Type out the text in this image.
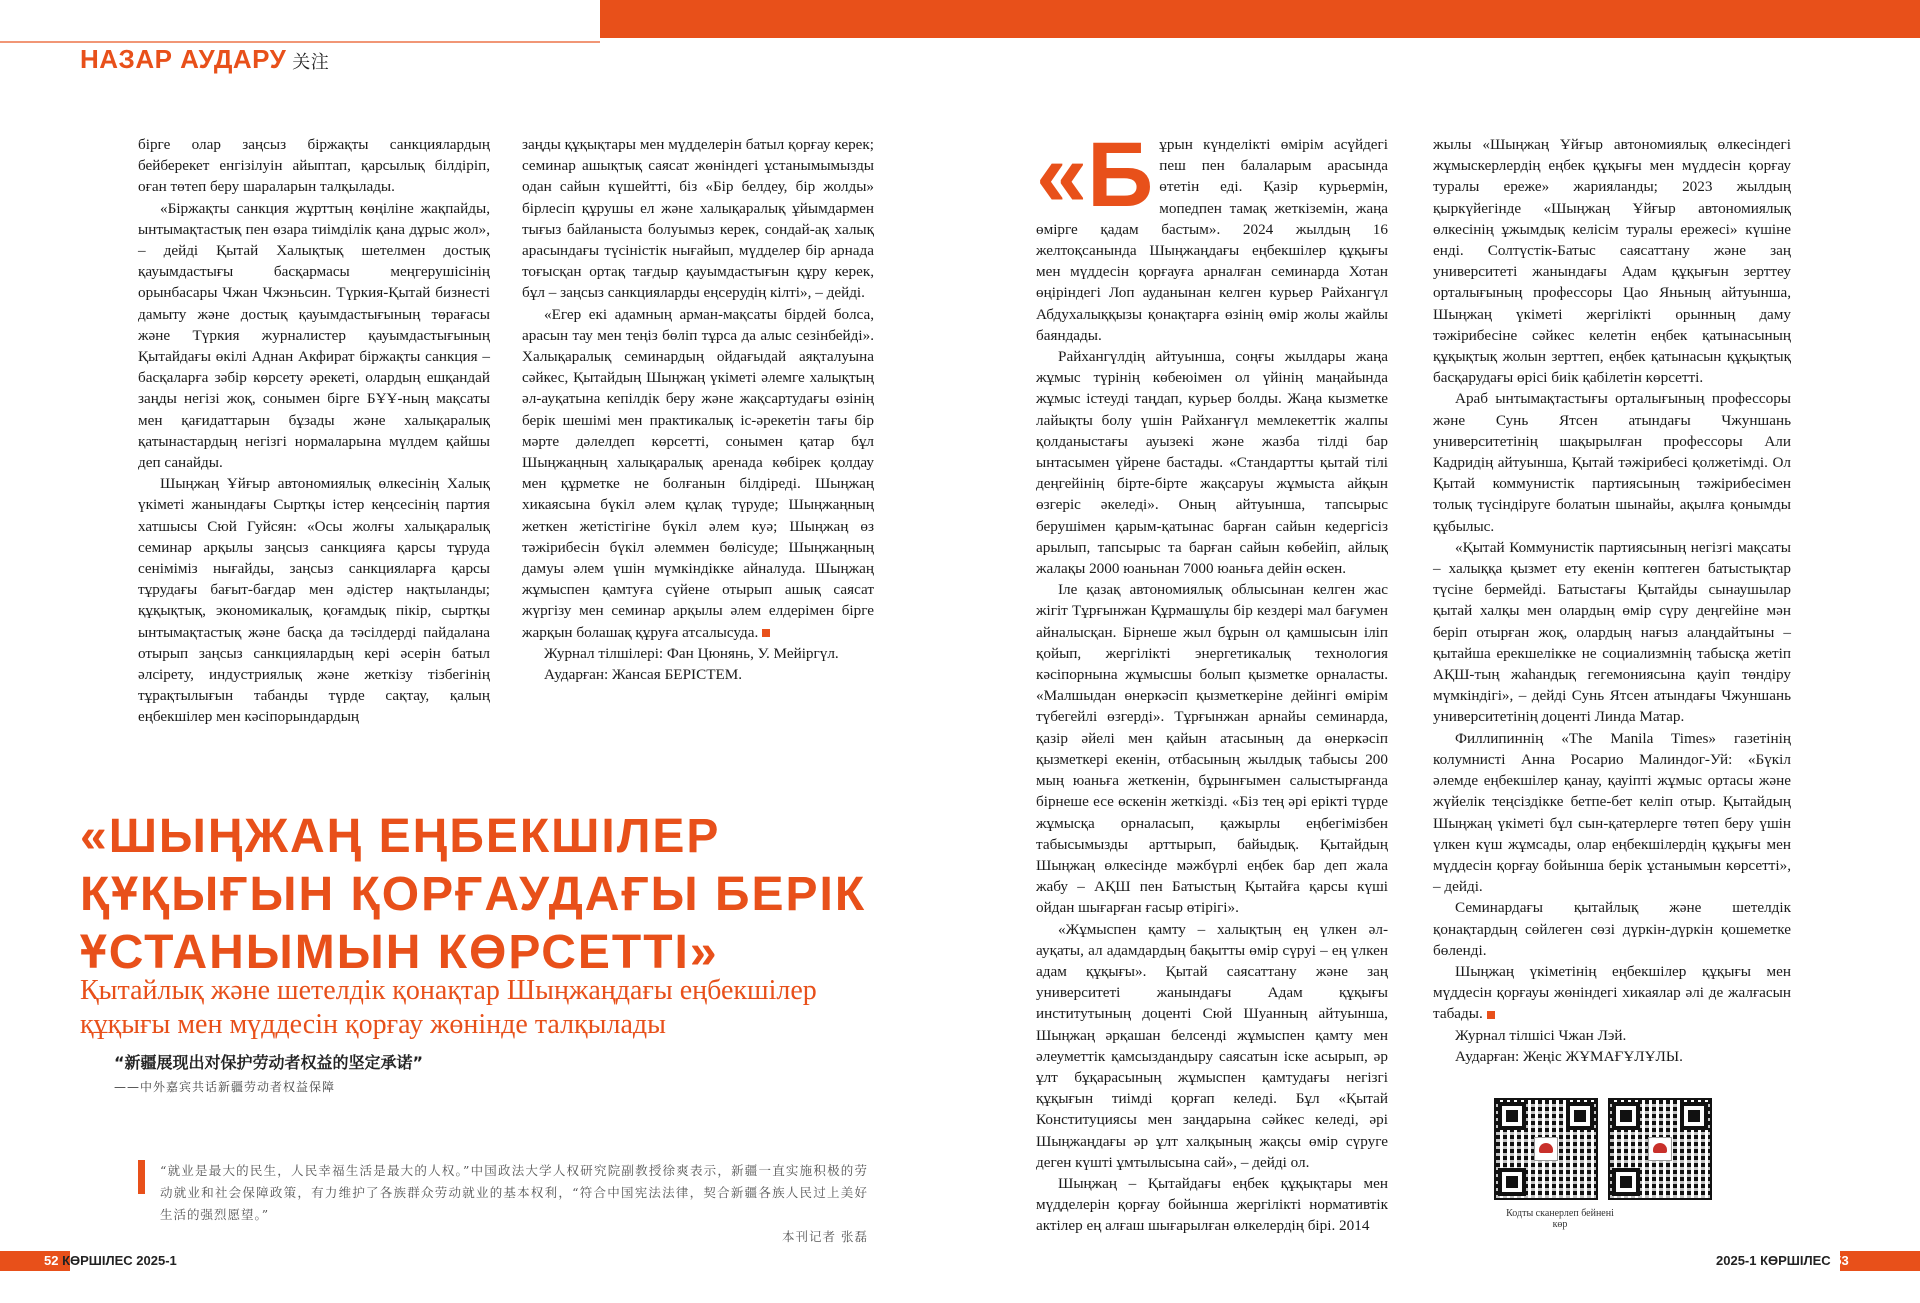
НАЗАР АУДАРУ 关注

бірге олар заңсыз біржақты санкциялардың бейберекет енгізілуін айыптап, қарсылық білдіріп, оған төтеп беру шараларын талқылады.

«Біржақты санкция жұрттың көңіліне жақпайды, ынтымақтастық пен өзара тиімділік қана дұрыс жол», – дейді Қытай Халықтық шетелмен достық қауымдастығы басқармасы меңгерушісінің орынбасары Чжан Чжэньсин. Түркия-Қытай бизнесті дамыту және достық қауымдастығының төрағасы және Түркия журналистер қауымдастығының Қытайдағы өкілі Аднан Акфират біржақты санкция – басқаларға зәбір көрсету әрекеті, олардың ешқандай заңды негізі жоқ, сонымен бірге БҰҰ-ның мақсаты мен қағидаттарын бұзады және халықаралық қатынастардың негізгі нормаларына мүлдем қайшы деп санайды.

Шыңжаң Ұйғыр автономиялық өлкесінің Халық үкіметі жанындағы Сыртқы істер кеңсесінің партия хатшысы Сюй Гуйсян: «Осы жолғы халықаралық семинар арқылы заңсыз санкцияға қарсы тұруда сеніміміз нығайды, заңсыз санкцияларға қарсы тұрудағы бағыт-бағдар мен әдістер нақтыланды; құқықтық, экономикалық, қоғамдық пікір, сыртқы ынтымақтастық және басқа да тәсілдерді пайдалана отырып заңсыз санкциялардың кері әсерін батыл әлсірету, индустриялық және жеткізу тізбегінің тұрақтылығын табанды түрде сақтау, қалың еңбекшілер мен кәсіпорындардың

заңды құқықтары мен мүдделерін батыл қорғау керек; семинар ашықтық саясат жөніндегі ұстанымымызды одан сайын күшейтті, біз «Бір белдеу, бір жолды» бірлесіп құрушы ел және халықаралық ұйымдармен тығыз байланыста болуымыз керек, сондай-ақ халық арасындағы түсіністік нығайып, мүдделер бір арнада тоғысқан ортақ тағдыр қауымдастығын құру керек, бұл – заңсыз санкцияларды еңсерудің кілті», – дейді.

«Егер екі адамның арман-мақсаты бірдей болса, арасын тау мен теңіз бөліп тұрса да алыс сезінбейді». Халықаралық семинардың ойдағыдай аяқталуына сәйкес, Қытайдың Шыңжаң үкіметі әлемге халықтың әл-ауқатына кепілдік беру және жақсартудағы өзінің берік шешімі мен практикалық іс-әрекетін тағы бір мәрте дәлелдеп көрсетті, сонымен қатар бұл Шыңжаңның халықаралық аренада көбірек қолдау мен құрметке не болғанын білдіреді. Шыңжаң хикаясына бүкіл әлем құлақ түруде; Шыңжаңның жеткен жетістігіне бүкіл әлем куә; Шыңжаң өз тәжірибесін бүкіл әлеммен бөлісуде; Шыңжаңның дамуы әлем үшін мүмкіндікке айналуда. Шыңжаң жұмыспен қамтуға сүйене отырып ашық саясат жүргізу мен семинар арқылы әлем елдерімен бірге жарқын болашақ құруға атсалысуда.

Журнал тілшілері: Фан Цюнянь, У. Мейіргүл.

Аударған: Жансая БЕРІСТЕМ.

«ШЫҢЖАҢ ЕҢБЕКШІЛЕР ҚҰҚЫҒЫН ҚОРҒАУДАҒЫ БЕРІК ҰСТАНЫМЫН КӨРСЕТТІ»
Қытайлық және шетелдік қонақтар Шыңжаңдағы еңбекшілер құқығы мен мүддесін қорғау жөнінде талқылады
“新疆展现出对保护劳动者权益的坚定承诺”
——中外嘉宾共话新疆劳动者权益保障
“就业是最大的民生，人民幸福生活是最大的人权。”中国政法大学人权研究院副教授徐爽表示，新疆一直实施积极的劳动就业和社会保障政策，有力维护了各族群众劳动就业的基本权利，“符合中国宪法法律，契合新疆各族人民过上美好生活的强烈愿望。”
本刊记者 张磊

«Бұрын күнделікті өмірім асүйдегі пеш пен балаларым арасында өтетін еді. Қазір курьермін, мопедпен тамақ жеткіземін, жаңа өмірге қадам бастым». 2024 жылдың 16 желтоқсанында Шыңжаңдағы еңбекшілер құқығы мен мүддесін қорғауға арналған семинарда Хотан өңіріндегі Лоп ауданынан келген курьер Райхангүл Абдухалыққызы қонақтарға өзінің өмір жолы жайлы баяндады.

Райхангүлдің айтуынша, соңғы жылдары жаңа жұмыс түрінің көбеюімен ол үйінің маңайында жұмыс істеуді таңдап, курьер болды. Жаңа кызметке лайықты болу үшін Райханғүл мемлекеттік жалпы қолданыстағы ауызекі және жазба тілді бар ынтасымен үйрене бастады. «Стандартты қытай тілі деңгейінің біртe-біртe жақсаруы жұмыста айқын өзгеріс әкеледі». Оның айтуынша, тапсырыс берушімен қарым-қатынас барған сайын кедергісіз арылып, тапсырыс та барған сайын көбейіп, айлық жалақы 2000 юаньнан 7000 юаньға дейін өскен.

Іле қазақ автономиялық облысынан келген жас жігіт Тұрғынжан Құрмашұлы бір кездері мал бағумен айналысқан. Бірнеше жыл бұрын ол қамшысын іліп қойып, жергілікті энергетикалық технология кәсіпорнына жұмысшы болып қызметке орналасты. «Малшыдан өнеркәсіп қызметкеріне дейінгі өмірім түбегейлі өзгерді». Тұрғынжан арнайы семинарда, қазір әйелі мен қайын атасының да өнеркәсіп қызметкері екенін, отбасының жылдық табысы 200 мың юаньға жеткенін, бұрынғымен салыстырғанда бірнеше есе өскенін жеткізді. «Біз тең әрі ерікті түрде жұмысқа орналасып, қажырлы еңбегімізбен табысымызды арттырып, байыдық. Қытайдың Шыңжаң өлкесінде мәжбүрлі еңбек бар деп жала жабу – АҚШ пен Батыстың Қытайға қарсы күші ойдан шығарған ғасыр өтірігі».

«Жұмыспен қамту – халықтың ең үлкен әл-ауқаты, ал адамдардың бақытты өмір сүруі – ең үлкен адам құқығы». Қытай саясаттану және заң университеті жанындағы Адам құқығы институтының доценті Сюй Шуанның айтуынша, Шыңжаң әрқашан белсенді жұмыспен қамту мен әлеуметтік қамсыздандыру саясатын іске асырып, әр ұлт бұқарасының жұмыспен қамтудағы негізгі құқығын тиімді қорғап келеді. Бұл «Қытай Конституциясы мен заңдарына сәйкес келеді, әрі Шыңжаңдағы әр ұлт халқының жақсы өмір сүруге деген күшті ұмтылысына сай», – дейді ол.

Шыңжаң – Қытайдағы еңбек құқықтары мен мүдделерін қорғау бойынша жергілікті нормативтік актілер ең алғаш шығарылған өлкелердің бірі. 2014

жылы «Шыңжаң Ұйғыр автономиялық өлкесіндегі жұмыскерлердің еңбек құқығы мен мүддесін қорғау туралы ереже» жарияланды; 2023 жылдың қыркүйегінде «Шыңжаң Ұйғыр автономиялық өлкесінің ұжымдық келісім туралы ережесі» күшіне енді. Солтүстік-Батыс саясаттану және заң университеті жанындағы Адам құқығын зерттеу орталығының профессоры Цао Яньның айтуынша, Шыңжаң үкіметі жергілікті орынның даму тәжірибесіне сәйкес келетін еңбек қатынасының құқықтық жолын зерттеп, еңбек қатынасын құқықтық басқарудағы өрісі биік қабілетін көрсетті.

Араб ынтымақтастығы орталығының профессоры және Сунь Ятсен атындағы Чжуншань университетінің шақырылған профессоры Али Кадридің айтуынша, Қытай тәжірибесі қолжетімді. Ол Қытай коммунистік партиясының тәжірибесімен толық түсіндіруге болатын шынайы, ақылға қонымды құбылыс.

«Қытай Коммунистік партиясының негізгі мақсаты – халыққа қызмет ету екенін көптеген батыстықтар түсіне бермейді. Батыстағы Қытайды сынаушылар қытай халқы мен олардың өмір сүру деңгейіне мән беріп отырған жоқ, олардың нағыз алаңдайтыны – қытайша ерекшелікке не социализмнің табысқа жетіп АҚШ-тың жаһандық гегемониясына қауіп төндіру мүмкіндігі», – дейді Сунь Ятсен атындағы Чжуншань университетінің доценті Линда Матар.

Филлипиннің «The Manila Times» газетінің колумнисті Анна Росарио Малиндог-Уй: «Бүкіл әлемде еңбекшілер қанау, қауіпті жұмыс ортасы және жүйелік теңсіздікке бетпе-бет келіп отыр. Қытайдың Шыңжаң үкіметі бұл сын-қатерлерге төтеп беру үшін үлкен күш жұмсады, олар еңбекшілердің құқығы мен мүддесін қорғау бойынша берік ұстанымын көрсетті», – дейді.

Семинардағы қытайлық және шетелдік қонақтардың сөйлеген сөзі дүркін-дүркін қошеметке бөленді.

Шыңжаң үкіметінің еңбекшілер құқығы мен мүддесін қорғауы жөніндегі хикаялар әлі де жалғасын табады.

Журнал тілшісі Чжан Лэй.

Аударған: Жеңіс ЖҰМАҒҰЛҰЛЫ.

Кодты сканерлеп бейнені көр
52 КӨРШІЛЕС 2025-1	2025-1 КӨРШІЛЕС 53
